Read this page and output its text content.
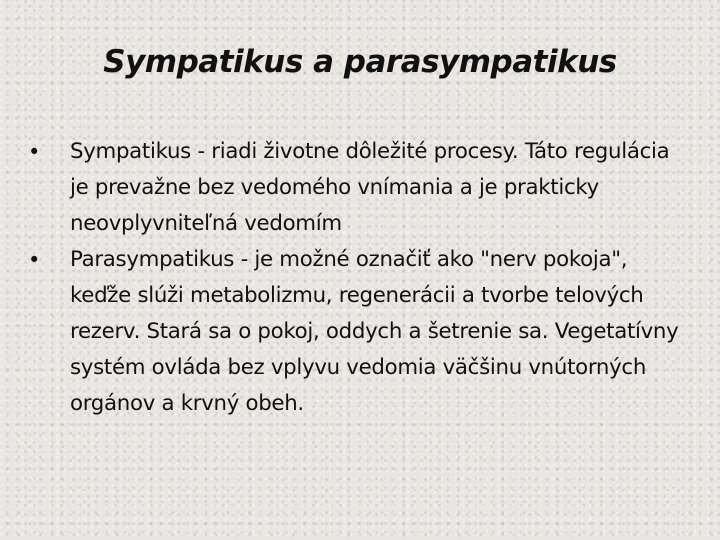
Sympatikus a parasympatikus
•	Sympatikus - riadi životne dôležité procesy. Táto regulácia je prevažne bez vedomého vnímania a je prakticky neovplyvniteľná vedomím
•	Parasympatikus - je možné označiť ako "nerv pokoja", keďže slúži metabolizmu, regenerácii a tvorbe telových rezerv. Stará sa o pokoj, oddych a šetrenie sa. Vegetatívny systém ovláda bez vplyvu vedomia väčšinu vnútorných orgánov a krvný obeh.
